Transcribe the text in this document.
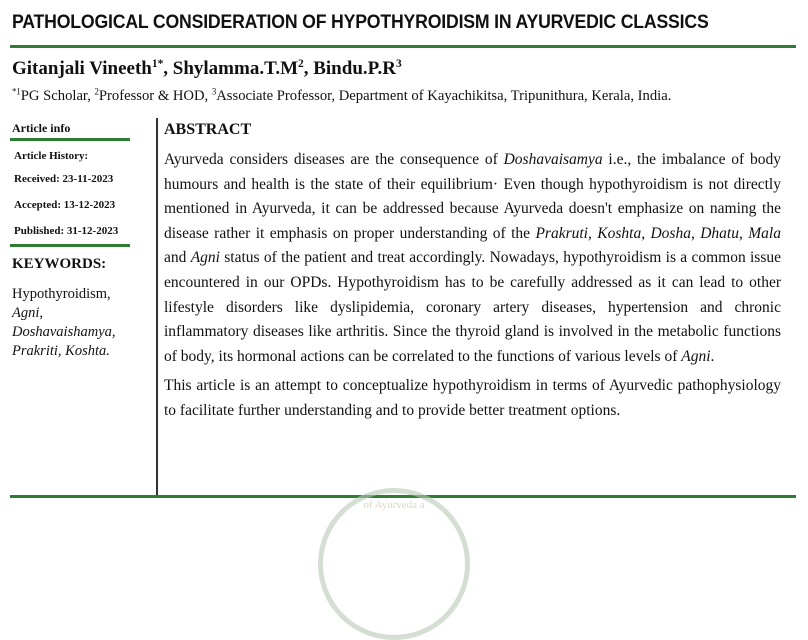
PATHOLOGICAL CONSIDERATION OF HYPOTHYROIDISM IN AYURVEDIC CLASSICS
Gitanjali Vineeth$^{1*}$, $Shylamma.T.M^2$, $Bindu.P.R^3$
$^{*1}$PG Scholar, $^2$Professor & HOD, $^3$Associate Professor, Department of Kayachikitsa, Tripunithura, Kerala, India.
Article info
Article History:
Received: 23-11-2023
Accepted: 13-12-2023
Published: 31-12-2023
KEYWORDS:
Hypothyroidism,
Agni,
Doshavaishamya,
Prakriti, Koshta.
ABSTRACT

Ayurveda considers diseases are the consequence of Doshavaisamya i.e., the imbalance of body humours and health is the state of their equilibrium· Even though hypothyroidism is not directly mentioned in Ayurveda, it can be addressed because Ayurveda doesn't emphasize on naming the disease rather it emphasis on proper understanding of the Prakruti, Koshta, Dosha, Dhatu, Mala and Agni status of the patient and treat accordingly. Nowadays, hypothyroidism is a common issue encountered in our OPDs. Hypothyroidism has to be carefully addressed as it can lead to other lifestyle disorders like dyslipidemia, coronary artery diseases, hypertension and chronic inflammatory diseases like arthritis. Since the thyroid gland is involved in the metabolic functions of body, its hormonal actions can be correlated to the functions of various levels of Agni.

This article is an attempt to conceptualize hypothyroidism in terms of Ayurvedic pathophysiology to facilitate further understanding and to provide better treatment options.

of Ayurveda a
